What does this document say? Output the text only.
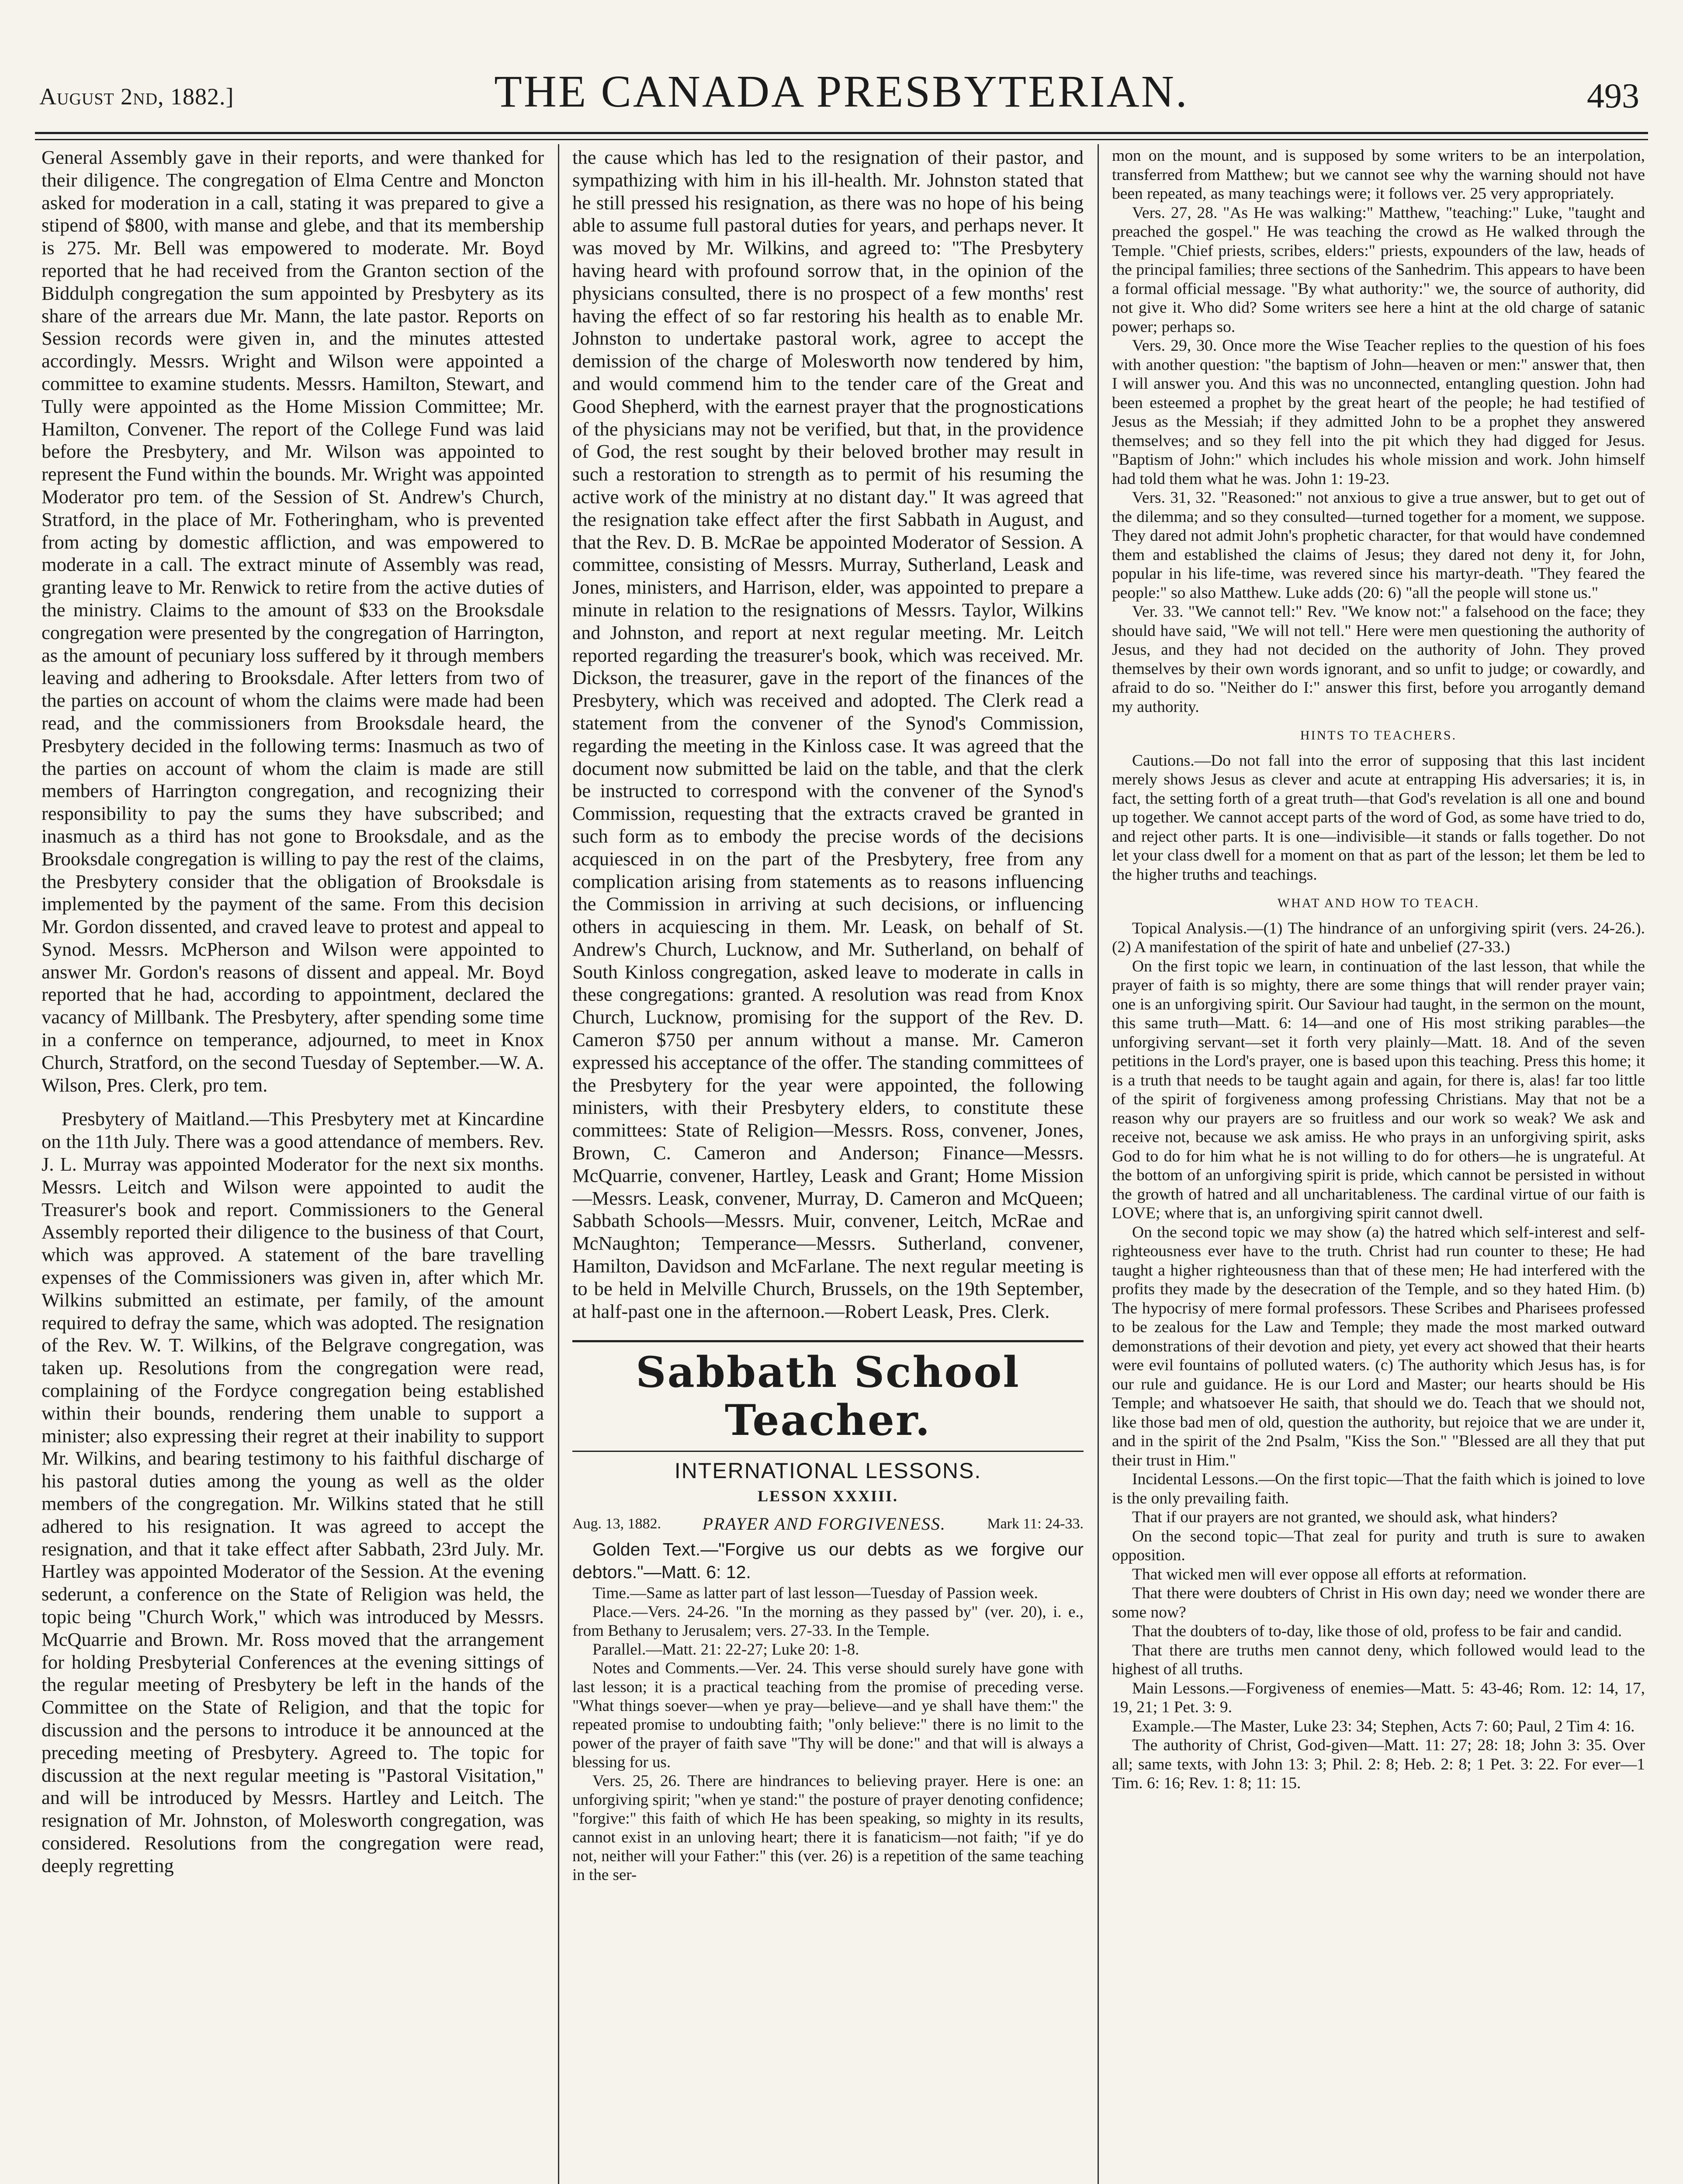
August 2nd, 1882.]	THE CANADA PRESBYTERIAN.	493

General Assembly gave in their reports, and were thanked for their diligence. The congregation of Elma Centre and Moncton asked for moderation in a call, stating it was prepared to give a stipend of $800, with manse and glebe, and that its membership is 275. Mr. Bell was empowered to moderate. Mr. Boyd reported that he had received from the Granton section of the Biddulph congregation the sum appointed by Presbytery as its share of the arrears due Mr. Mann, the late pastor. Reports on Session records were given in, and the minutes attested accordingly. Messrs. Wright and Wilson were appointed a committee to examine students. Messrs. Hamilton, Stewart, and Tully were appointed as the Home Mission Committee; Mr. Hamilton, Convener. The report of the College Fund was laid before the Presbytery, and Mr. Wilson was appointed to represent the Fund within the bounds. Mr. Wright was appointed Moderator pro tem. of the Session of St. Andrew's Church, Stratford, in the place of Mr. Fotheringham, who is prevented from acting by domestic affliction, and was empowered to moderate in a call. The extract minute of Assembly was read, granting leave to Mr. Renwick to retire from the active duties of the ministry. Claims to the amount of $33 on the Brooksdale congregation were presented by the congregation of Harrington, as the amount of pecuniary loss suffered by it through members leaving and adhering to Brooksdale. After letters from two of the parties on account of whom the claims were made had been read, and the commissioners from Brooksdale heard, the Presbytery decided in the following terms: Inasmuch as two of the parties on account of whom the claim is made are still members of Harrington congregation, and recognizing their responsibility to pay the sums they have subscribed; and inasmuch as a third has not gone to Brooksdale, and as the Brooksdale congregation is willing to pay the rest of the claims, the Presbytery consider that the obligation of Brooksdale is implemented by the payment of the same. From this decision Mr. Gordon dissented, and craved leave to protest and appeal to Synod. Messrs. McPherson and Wilson were appointed to answer Mr. Gordon's reasons of dissent and appeal. Mr. Boyd reported that he had, according to appointment, declared the vacancy of Millbank. The Presbytery, after spending some time in a confernce on temperance, adjourned, to meet in Knox Church, Stratford, on the second Tuesday of September.—W. A. Wilson, Pres. Clerk, pro tem.

Presbytery of Maitland.—This Presbytery met at Kincardine on the 11th July. There was a good attendance of members. Rev. J. L. Murray was appointed Moderator for the next six months. Messrs. Leitch and Wilson were appointed to audit the Treasurer's book and report. Commissioners to the General Assembly reported their diligence to the business of that Court, which was approved. A statement of the bare travelling expenses of the Commissioners was given in, after which Mr. Wilkins submitted an estimate, per family, of the amount required to defray the same, which was adopted. The resignation of the Rev. W. T. Wilkins, of the Belgrave congregation, was taken up. Resolutions from the congregation were read, complaining of the Fordyce congregation being established within their bounds, rendering them unable to support a minister; also expressing their regret at their inability to support Mr. Wilkins, and bearing testimony to his faithful discharge of his pastoral duties among the young as well as the older members of the congregation. Mr. Wilkins stated that he still adhered to his resignation. It was agreed to accept the resignation, and that it take effect after Sabbath, 23rd July. Mr. Hartley was appointed Moderator of the Session. At the evening sederunt, a conference on the State of Religion was held, the topic being "Church Work," which was introduced by Messrs. McQuarrie and Brown. Mr. Ross moved that the arrangement for holding Presbyterial Conferences at the evening sittings of the regular meeting of Presbytery be left in the hands of the Committee on the State of Religion, and that the topic for discussion and the persons to introduce it be announced at the preceding meeting of Presbytery. Agreed to. The topic for discussion at the next regular meeting is "Pastoral Visitation," and will be introduced by Messrs. Hartley and Leitch. The resignation of Mr. Johnston, of Molesworth congregation, was considered. Resolutions from the congregation were read, deeply regretting

the cause which has led to the resignation of their pastor, and sympathizing with him in his ill-health. Mr. Johnston stated that he still pressed his resignation, as there was no hope of his being able to assume full pastoral duties for years, and perhaps never. It was moved by Mr. Wilkins, and agreed to: "The Presbytery having heard with profound sorrow that, in the opinion of the physicians consulted, there is no prospect of a few months' rest having the effect of so far restoring his health as to enable Mr. Johnston to undertake pastoral work, agree to accept the demission of the charge of Molesworth now tendered by him, and would commend him to the tender care of the Great and Good Shepherd, with the earnest prayer that the prognostications of the physicians may not be verified, but that, in the providence of God, the rest sought by their beloved brother may result in such a restoration to strength as to permit of his resuming the active work of the ministry at no distant day." It was agreed that the resignation take effect after the first Sabbath in August, and that the Rev. D. B. McRae be appointed Moderator of Session. A committee, consisting of Messrs. Murray, Sutherland, Leask and Jones, ministers, and Harrison, elder, was appointed to prepare a minute in relation to the resignations of Messrs. Taylor, Wilkins and Johnston, and report at next regular meeting. Mr. Leitch reported regarding the treasurer's book, which was received. Mr. Dickson, the treasurer, gave in the report of the finances of the Presbytery, which was received and adopted. The Clerk read a statement from the convener of the Synod's Commission, regarding the meeting in the Kinloss case. It was agreed that the document now submitted be laid on the table, and that the clerk be instructed to correspond with the convener of the Synod's Commission, requesting that the extracts craved be granted in such form as to embody the precise words of the decisions acquiesced in on the part of the Presbytery, free from any complication arising from statements as to reasons influencing the Commission in arriving at such decisions, or influencing others in acquiescing in them. Mr. Leask, on behalf of St. Andrew's Church, Lucknow, and Mr. Sutherland, on behalf of South Kinloss congregation, asked leave to moderate in calls in these congregations: granted. A resolution was read from Knox Church, Lucknow, promising for the support of the Rev. D. Cameron $750 per annum without a manse. Mr. Cameron expressed his acceptance of the offer. The standing committees of the Presbytery for the year were appointed, the following ministers, with their Presbytery elders, to constitute these committees: State of Religion—Messrs. Ross, convener, Jones, Brown, C. Cameron and Anderson; Finance—Messrs. McQuarrie, convener, Hartley, Leask and Grant; Home Mission—Messrs. Leask, convener, Murray, D. Cameron and McQueen; Sabbath Schools—Messrs. Muir, convener, Leitch, McRae and McNaughton; Temperance—Messrs. Sutherland, convener, Hamilton, Davidson and McFarlane. The next regular meeting is to be held in Melville Church, Brussels, on the 19th September, at half-past one in the afternoon.—Robert Leask, Pres. Clerk.

Sabbath School Teacher.
INTERNATIONAL LESSONS.
LESSON XXXIII.
Aug. 13, 1882. PRAYER AND FORGIVENESS.	Mark 11: 24-33.

Golden Text.—"Forgive us our debts as we forgive our debtors."—Matt. 6: 12.

Time.—Same as latter part of last lesson—Tuesday of Passion week.

Place.—Vers. 24-26. "In the morning as they passed by" (ver. 20), i. e., from Bethany to Jerusalem; vers. 27-33. In the Temple.

Parallel.—Matt. 21: 22-27; Luke 20: 1-8.

Notes and Comments.—Ver. 24. This verse should surely have gone with last lesson; it is a practical teaching from the promise of preceding verse. "What things soever—when ye pray—believe—and ye shall have them:" the repeated promise to undoubting faith; "only believe:" there is no limit to the power of the prayer of faith save "Thy will be done:" and that will is always a blessing for us.

Vers. 25, 26. There are hindrances to believing prayer. Here is one: an unforgiving spirit; "when ye stand:" the posture of prayer denoting confidence; "forgive:" this faith of which He has been speaking, so mighty in its results, cannot exist in an unloving heart; there it is fanaticism—not faith; "if ye do not, neither will your Father:" this (ver. 26) is a repetition of the same teaching in the ser-

mon on the mount, and is supposed by some writers to be an interpolation, transferred from Matthew; but we cannot see why the warning should not have been repeated, as many teachings were; it follows ver. 25 very appropriately.

Vers. 27, 28. "As He was walking:" Matthew, "teaching:" Luke, "taught and preached the gospel." He was teaching the crowd as He walked through the Temple. "Chief priests, scribes, elders:" priests, expounders of the law, heads of the principal families; three sections of the Sanhedrim. This appears to have been a formal official message. "By what authority:" we, the source of authority, did not give it. Who did? Some writers see here a hint at the old charge of satanic power; perhaps so.

Vers. 29, 30. Once more the Wise Teacher replies to the question of his foes with another question: "the baptism of John—heaven or men:" answer that, then I will answer you. And this was no unconnected, entangling question. John had been esteemed a prophet by the great heart of the people; he had testified of Jesus as the Messiah; if they admitted John to be a prophet they answered themselves; and so they fell into the pit which they had digged for Jesus. "Baptism of John:" which includes his whole mission and work. John himself had told them what he was. John 1: 19-23.

Vers. 31, 32. "Reasoned:" not anxious to give a true answer, but to get out of the dilemma; and so they consulted—turned together for a moment, we suppose. They dared not admit John's prophetic character, for that would have condemned them and established the claims of Jesus; they dared not deny it, for John, popular in his life-time, was revered since his martyr-death. "They feared the people:" so also Matthew. Luke adds (20: 6) "all the people will stone us."

Ver. 33. "We cannot tell:" Rev. "We know not:" a falsehood on the face; they should have said, "We will not tell." Here were men questioning the authority of Jesus, and they had not decided on the authority of John. They proved themselves by their own words ignorant, and so unfit to judge; or cowardly, and afraid to do so. "Neither do I:" answer this first, before you arrogantly demand my authority.

HINTS TO TEACHERS.

Cautions.—Do not fall into the error of supposing that this last incident merely shows Jesus as clever and acute at entrapping His adversaries; it is, in fact, the setting forth of a great truth—that God's revelation is all one and bound up together. We cannot accept parts of the word of God, as some have tried to do, and reject other parts. It is one—indivisible—it stands or falls together. Do not let your class dwell for a moment on that as part of the lesson; let them be led to the higher truths and teachings.

WHAT AND HOW TO TEACH.

Topical Analysis.—(1) The hindrance of an unforgiving spirit (vers. 24-26.). (2) A manifestation of the spirit of hate and unbelief (27-33.)

On the first topic we learn, in continuation of the last lesson, that while the prayer of faith is so mighty, there are some things that will render prayer vain; one is an unforgiving spirit. Our Saviour had taught, in the sermon on the mount, this same truth—Matt. 6: 14—and one of His most striking parables—the unforgiving servant—set it forth very plainly—Matt. 18. And of the seven petitions in the Lord's prayer, one is based upon this teaching. Press this home; it is a truth that needs to be taught again and again, for there is, alas! far too little of the spirit of forgiveness among professing Christians. May that not be a reason why our prayers are so fruitless and our work so weak? We ask and receive not, because we ask amiss. He who prays in an unforgiving spirit, asks God to do for him what he is not willing to do for others—he is ungrateful. At the bottom of an unforgiving spirit is pride, which cannot be persisted in without the growth of hatred and all uncharitableness. The cardinal virtue of our faith is LOVE; where that is, an unforgiving spirit cannot dwell.

On the second topic we may show (a) the hatred which self-interest and self-righteousness ever have to the truth. Christ had run counter to these; He had taught a higher righteousness than that of these men; He had interfered with the profits they made by the desecration of the Temple, and so they hated Him. (b) The hypocrisy of mere formal professors. These Scribes and Pharisees professed to be zealous for the Law and Temple; they made the most marked outward demonstrations of their devotion and piety, yet every act showed that their hearts were evil fountains of polluted waters. (c) The authority which Jesus has, is for our rule and guidance. He is our Lord and Master; our hearts should be His Temple; and whatsoever He saith, that should we do. Teach that we should not, like those bad men of old, question the authority, but rejoice that we are under it, and in the spirit of the 2nd Psalm, "Kiss the Son." "Blessed are all they that put their trust in Him."

Incidental Lessons.—On the first topic—That the faith which is joined to love is the only prevailing faith.

That if our prayers are not granted, we should ask, what hinders?

On the second topic—That zeal for purity and truth is sure to awaken opposition.

That wicked men will ever oppose all efforts at reformation.

That there were doubters of Christ in His own day; need we wonder there are some now?

That the doubters of to-day, like those of old, profess to be fair and candid.

That there are truths men cannot deny, which followed would lead to the highest of all truths.

Main Lessons.—Forgiveness of enemies—Matt. 5: 43-46; Rom. 12: 14, 17, 19, 21; 1 Pet. 3: 9.

Example.—The Master, Luke 23: 34; Stephen, Acts 7: 60; Paul, 2 Tim 4: 16.

The authority of Christ, God-given—Matt. 11: 27; 28: 18; John 3: 35. Over all; same texts, with John 13: 3; Phil. 2: 8; Heb. 2: 8; 1 Pet. 3: 22. For ever—1 Tim. 6: 16; Rev. 1: 8; 11: 15.
